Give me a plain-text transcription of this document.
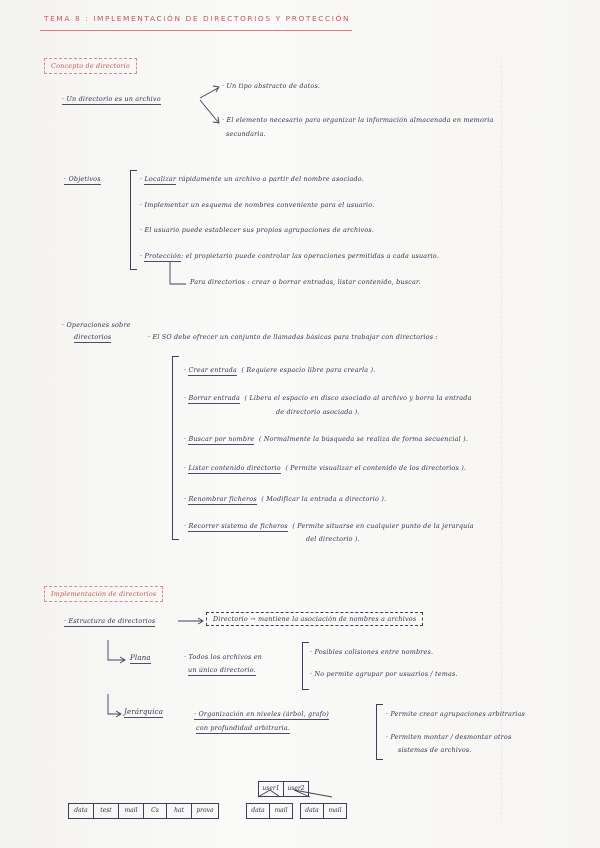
TEMA 8 : IMPLEMENTACIÓN DE DIRECTORIOS Y PROTECCIÓN
Concepto de directorio
· Un directorio es un archivo
· Un tipo abstracto de datos.
· El elemento necesario para organizar la información almacenada en memoria
secundaria.
· Objetivos	· Localizar rápidamente un archivo a partir del nombre asociado.
· Implementar un esquema de nombres conveniente para el usuario.
· El usuario puede establecer sus propios agrupaciones de archivos.
· Protección: el propietario puede controlar las operaciones permitidas a cada usuario.
Para directorios : crear o borrar entradas, listar contenido, buscar.
· Operaciones sobre
directorios	· El SO debe ofrecer un conjunto de llamadas básicas para trabajar con directorios :
· Crear entrada ( Requiere espacio libre para crearla ).
· Borrar entrada ( Libera el espacio en disco asociado al archivo y borra la entrada
de directorio asociada ).
· Buscar por nombre ( Normalmente la búsqueda se realiza de forma secuencial ).
· Listar contenido directorio ( Permite visualizar el contenido de los directorios ).
· Renombrar ficheros ( Modificar la entrada a directorio ).
· Recorrer sistema de ficheros ( Permite situarse en cualquier punto de la jerarquía
del directorio ).
Implementación de directorios
· Estructura de directorios	Directorio → mantiene la asociación de nombres a archivos
Plana	· Todos los archivos en
un único directorio.
· Posibles colisiones entre nombres.
· No permite agrupar por usuarios / temas.
Jerárquica	· Organización en niveles (árbol, grafo)
con profundidad arbitraria.
· Permite crear agrupaciones arbitrarias
· Permiten montar / desmontar otros
sistemas de archivos.
data test mail Cs	hat prova
user1 user2
data mail	data mail
